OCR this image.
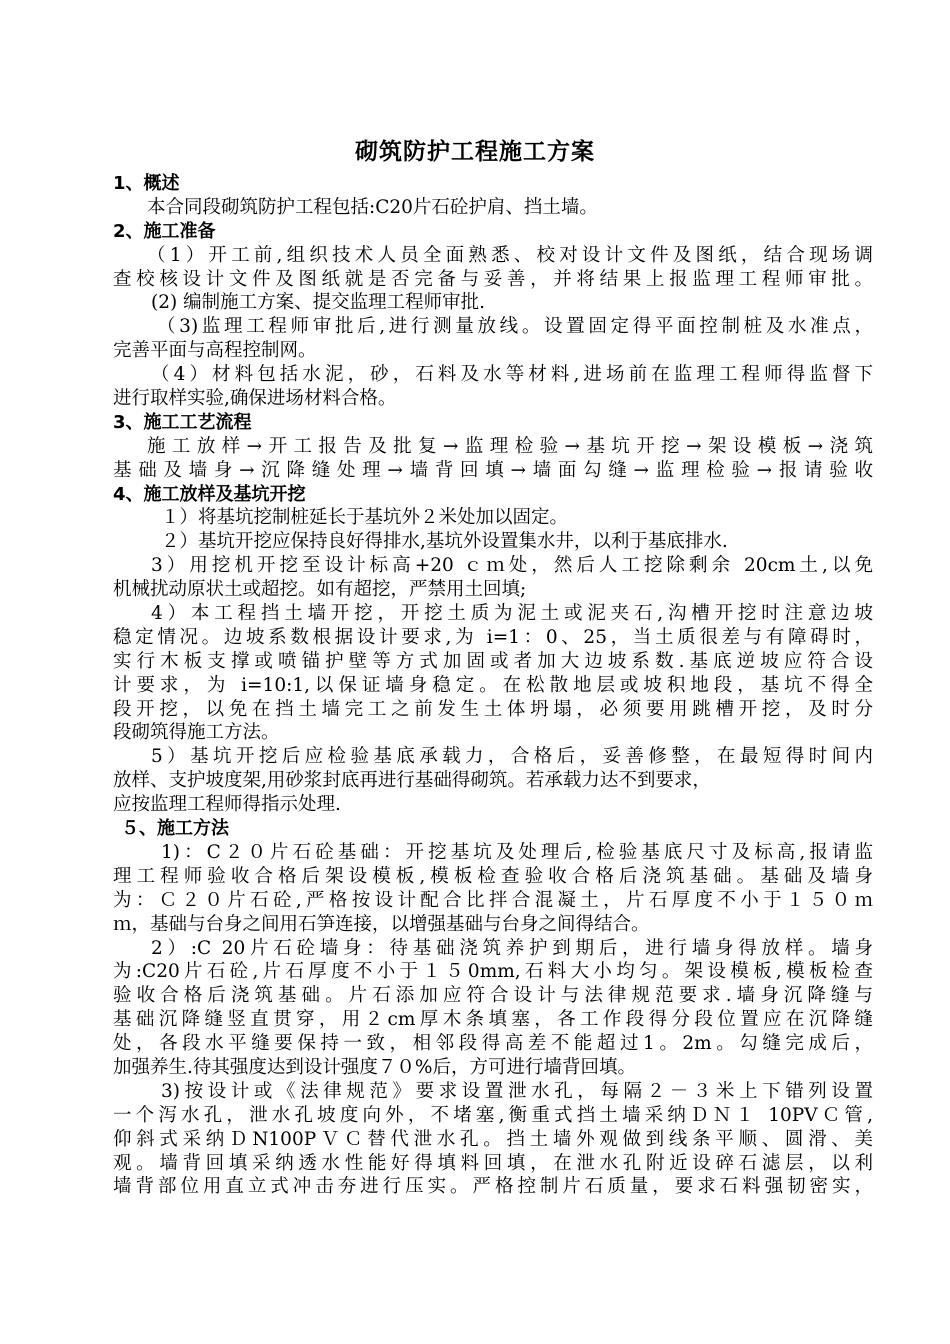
砌筑防护工程施工方案
1、概述
本合同段砌筑防护工程包括:C20片石砼护肩、挡土墙。
2、施工准备
（1）开工前,组织技术人员全面熟悉、校对设计文件及图纸，结合现场调
查校核设计文件及图纸就是否完备与妥善，并将结果上报监理工程师审批。
(2) 编制施工方案、提交监理工程师审批.
（3)监理工程师审批后,进行测量放线。设置固定得平面控制桩及水准点，
完善平面与高程控制网。
（4）材料包括水泥，砂，石料及水等材料,进场前在监理工程师得监督下
进行取样实验,确保进场材料合格。
3、施工工艺流程
施工放样→开工报告及批复→监理检验→基坑开挖→架设模板→浇筑
基础及墙身→沉降缝处理→墙背回填→墙面勾缝→监理检验→报请验收
4、施工放样及基坑开挖
１）将基坑挖制桩延长于基坑外２米处加以固定。
２）基坑开挖应保持良好得排水,基坑外设置集水井，以利于基底排水.
3）用挖机开挖至设计标高+20 ｃｍ处，然后人工挖除剩余 20cm土,以免
机械扰动原状土或超挖。如有超挖，严禁用土回填;
4）本工程挡土墙开挖，开挖土质为泥土或泥夹石,沟槽开挖时注意边坡
稳定情况。边坡系数根据设计要求,为 i=1：0、25，当土质很差与有障碍时，
实行木板支撑或喷锚护壁等方式加固或者加大边坡系数.基底逆坡应符合设
计要求，为 i=10:1,以保证墙身稳定。在松散地层或坡积地段，基坑不得全
段开挖，以免在挡土墙完工之前发生土体坍塌，必须要用跳槽开挖，及时分
段砌筑得施工方法。
5）基坑开挖后应检验基底承载力，合格后，妥善修整，在最短得时间内
放样、支护坡度架,用砂浆封底再进行基础得砌筑。若承载力达不到要求，
应按监理工程师得指示处理.
５、施工方法
1)：C２０片石砼基础：开挖基坑及处理后,检验基底尺寸及标高,报请监
理工程师验收合格后架设模板,模板检查验收合格后浇筑基础。基础及墙身
为：Ｃ２０片石砼,严格按设计配合比拌合混凝土，片石厚度不小于１５０ｍ
ｍ，基础与台身之间用石笋连接，以增强基础与台身之间得结合。
2）:C 20片石砼墙身：待基础浇筑养护到期后，进行墙身得放样。墙身
为:C20片石砼,片石厚度不小于１５0mm,石料大小均匀。架设模板,模板检查
验收合格后浇筑基础。片石添加应符合设计与法律规范要求.墙身沉降缝与
基础沉降缝竖直贯穿，用２cm厚木条填塞，各工作段得分段位置应在沉降缝
处，各段水平缝要保持一致，相邻段得高差不能超过1。2m。勾缝完成后，
加强养生.待其强度达到设计强度７０%后，方可进行墙背回填。
3)按设计或《法律规范》要求设置泄水孔，每隔２－３米上下错列设置
一个泻水孔，泄水孔坡度向外，不堵塞,衡重式挡土墙采纳ＤＮ１ 10PVＣ管,
仰斜式采纳ＤN100PＶＣ替代泄水孔。挡土墙外观做到线条平顺、圆滑、美
观。墙背回填采纳透水性能好得填料回填，在泄水孔附近设碎石滤层，以利
墙背部位用直立式冲击夯进行压实。严格控制片石质量，要求石料强韧密实，
